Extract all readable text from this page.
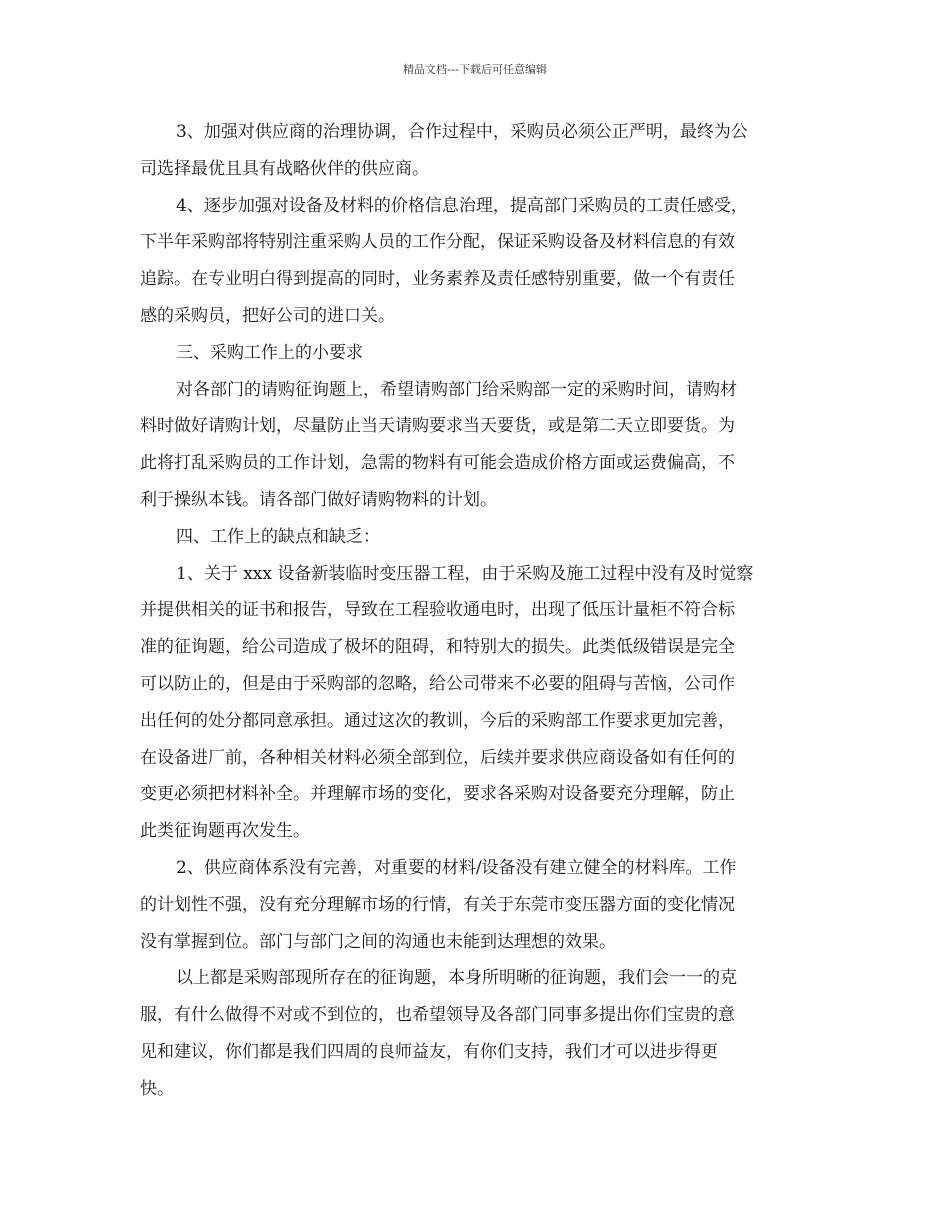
精品文档---下载后可任意编辑
3、加强对供应商的治理协调，合作过程中，采购员必须公正严明，最终为公
司选择最优且具有战略伙伴的供应商。
4、逐步加强对设备及材料的价格信息治理，提高部门采购员的工责任感受，
下半年采购部将特别注重采购人员的工作分配，保证采购设备及材料信息的有效
追踪。在专业明白得到提高的同时，业务素养及责任感特别重要，做一个有责任
感的采购员，把好公司的进口关。
三、采购工作上的小要求
对各部门的请购征询题上，希望请购部门给采购部一定的采购时间，请购材
料时做好请购计划，尽量防止当天请购要求当天要货，或是第二天立即要货。为
此将打乱采购员的工作计划，急需的物料有可能会造成价格方面或运费偏高，不
利于操纵本钱。请各部门做好请购物料的计划。
四、工作上的缺点和缺乏：
1、关于 xxx 设备新装临时变压器工程，由于采购及施工过程中没有及时觉察
并提供相关的证书和报告，导致在工程验收通电时，出现了低压计量柜不符合标
准的征询题，给公司造成了极坏的阻碍，和特别大的损失。此类低级错误是完全
可以防止的，但是由于采购部的忽略，给公司带来不必要的阻碍与苦恼，公司作
出任何的处分都同意承担。通过这次的教训，今后的采购部工作要求更加完善，
在设备进厂前，各种相关材料必须全部到位，后续并要求供应商设备如有任何的
变更必须把材料补全。并理解市场的变化，要求各采购对设备要充分理解，防止
此类征询题再次发生。
2、供应商体系没有完善，对重要的材料/设备没有建立健全的材料库。工作
的计划性不强，没有充分理解市场的行情，有关于东莞市变压器方面的变化情况
没有掌握到位。部门与部门之间的沟通也未能到达理想的效果。
以上都是采购部现所存在的征询题，本身所明晰的征询题，我们会一一的克
服，有什么做得不对或不到位的，也希望领导及各部门同事多提出你们宝贵的意
见和建议，你们都是我们四周的良师益友，有你们支持，我们才可以进步得更
快。
